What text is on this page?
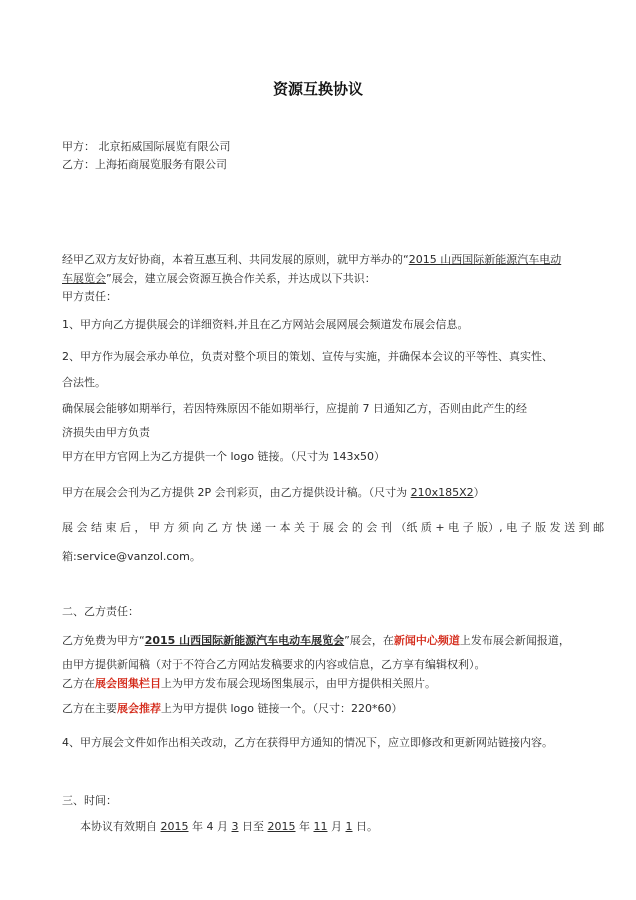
资源互换协议
甲方： 北京拓威国际展览有限公司
乙方：上海拓商展览服务有限公司
经甲乙双方友好协商，本着互惠互利、共同发展的原则，就甲方举办的“2015 山西国际新能源汽车电动
车展览会”展会，建立展会资源互换合作关系，并达成以下共识：
甲方责任：
1、甲方向乙方提供展会的详细资料,并且在乙方网站会展网展会频道发布展会信息。
2、甲方作为展会承办单位，负责对整个项目的策划、宣传与实施，并确保本会议的平等性、真实性、
合法性。
确保展会能够如期举行，若因特殊原因不能如期举行，应提前 7 日通知乙方，否则由此产生的经
济损失由甲方负责
甲方在甲方官网上为乙方提供一个 logo 链接。（尺寸为 143x50）
甲方在展会会刊为乙方提供 2P 会刊彩页，由乙方提供设计稿。（尺寸为 210x185X2）
展 会 结 束 后 ， 甲 方 须 向 乙 方 快 递 一 本 关 于 展 会 的 会 刊 （纸 质 + 电 子 版）, 电 子 版 发 送 到 邮
箱:service@vanzol.com。
二、乙方责任：
乙方免费为甲方“2015 山西国际新能源汽车电动车展览会”展会，在新闻中心频道上发布展会新闻报道，
由甲方提供新闻稿（对于不符合乙方网站发稿要求的内容或信息，乙方享有编辑权利）。
乙方在展会图集栏目上为甲方发布展会现场图集展示，由甲方提供相关照片。
乙方在主要展会推荐上为甲方提供 logo 链接一个。（尺寸：220*60）
4、甲方展会文件如作出相关改动，乙方在获得甲方通知的情况下，应立即修改和更新网站链接内容。
三、时间：
本协议有效期自 2015 年 4 月 3 日至 2015 年 11 月 1 日。
